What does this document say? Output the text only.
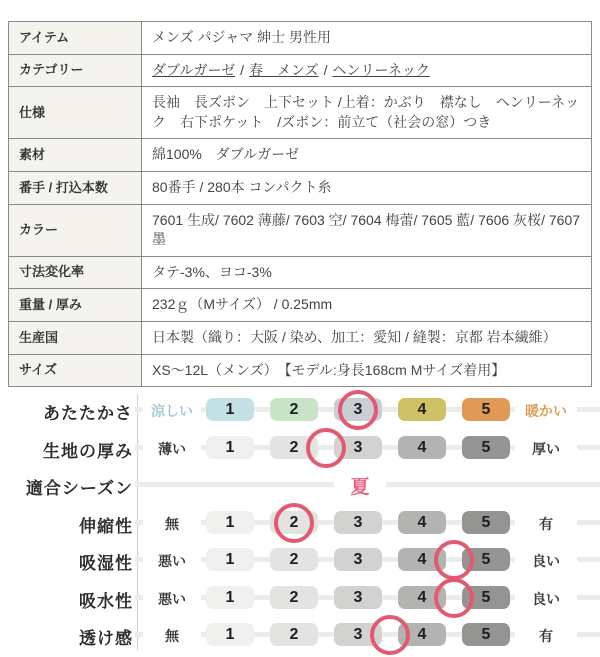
アイテム	メンズ パジャマ 紳士 男性用
カテゴリー	ダブルガーゼ / 春　メンズ / ヘンリーネック
仕様	長袖　長ズボン　上下セット /上着：かぶり　襟なし　ヘンリーネック　右下ポケット　/ズボン：前立て（社会の窓）つき
素材	綿100%　ダブルガーゼ
番手 / 打込本数	80番手 / 280本 コンパクト糸
カラー	7601 生成/ 7602 薄藤/ 7603 空/ 7604 梅蕾/ 7605 藍/ 7606 灰桜/ 7607 墨
寸法変化率	タテ-3%、ヨコ-3%
重量 / 厚み	232ｇ（Mサイズ） / 0.25mm
生産国	日本製（織り：大阪 / 染め、加工：愛知 / 縫製：京都 岩本繊維）
サイズ	XS～12L（メンズ）　【モデル:身長168cm Mサイズ着用】
あたたかさ	涼しい	1	2	3	4	5	暖かい
生地の厚み	薄い	1	2	3	4	5	厚い
適合シーズン	夏
伸縮性	無	1	2	3	4	5	有
吸湿性	悪い	1	2	3	4	5	良い
吸水性	悪い	1	2	3	4	5	良い
透け感	無	1	2	3	4	5	有
